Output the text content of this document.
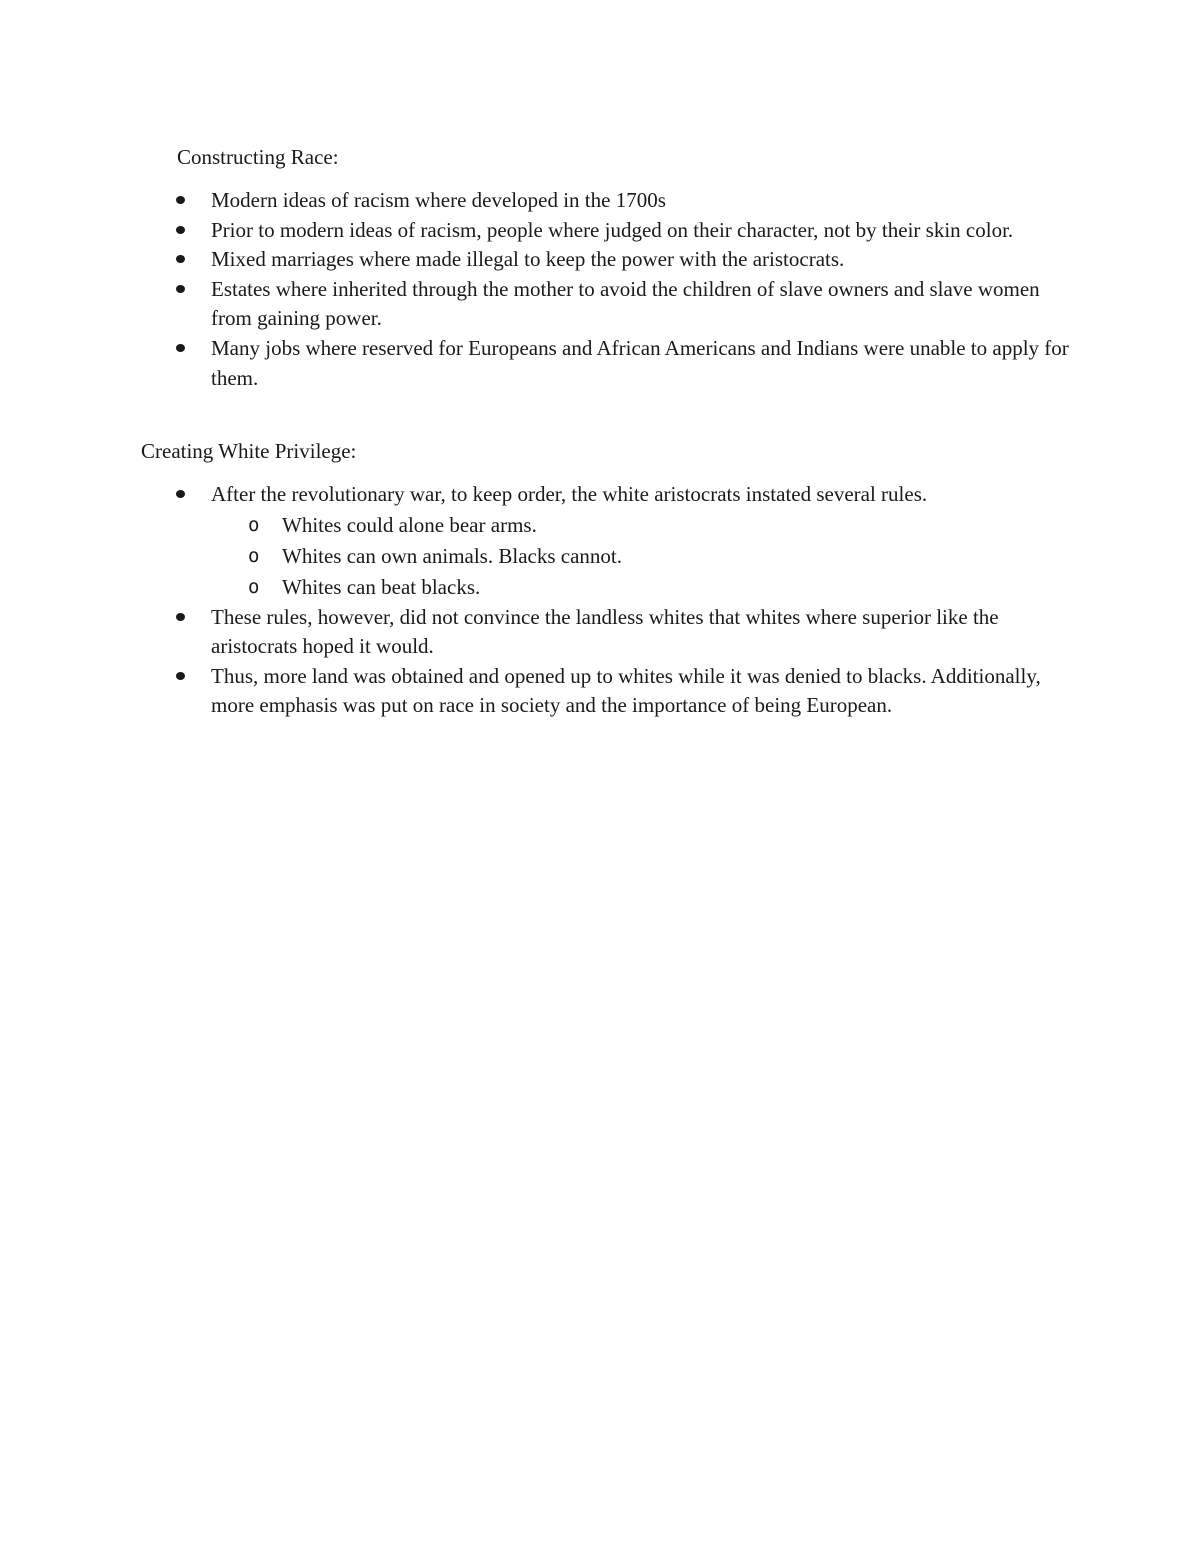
Constructing Race:
Modern ideas of racism where developed in the 1700s
Prior to modern ideas of racism, people where judged on their character, not by their skin color.
Mixed marriages where made illegal to keep the power with the aristocrats.
Estates where inherited through the mother to avoid the children of slave owners and slave women from gaining power.
Many jobs where reserved for Europeans and African Americans and Indians were unable to apply for them.
Creating White Privilege:
After the revolutionary war, to keep order, the white aristocrats instated several rules.
o Whites could alone bear arms.
o Whites can own animals. Blacks cannot.
o Whites can beat blacks.
These rules, however, did not convince the landless whites that whites where superior like the aristocrats hoped it would.
Thus, more land was obtained and opened up to whites while it was denied to blacks. Additionally, more emphasis was put on race in society and the importance of being European.
